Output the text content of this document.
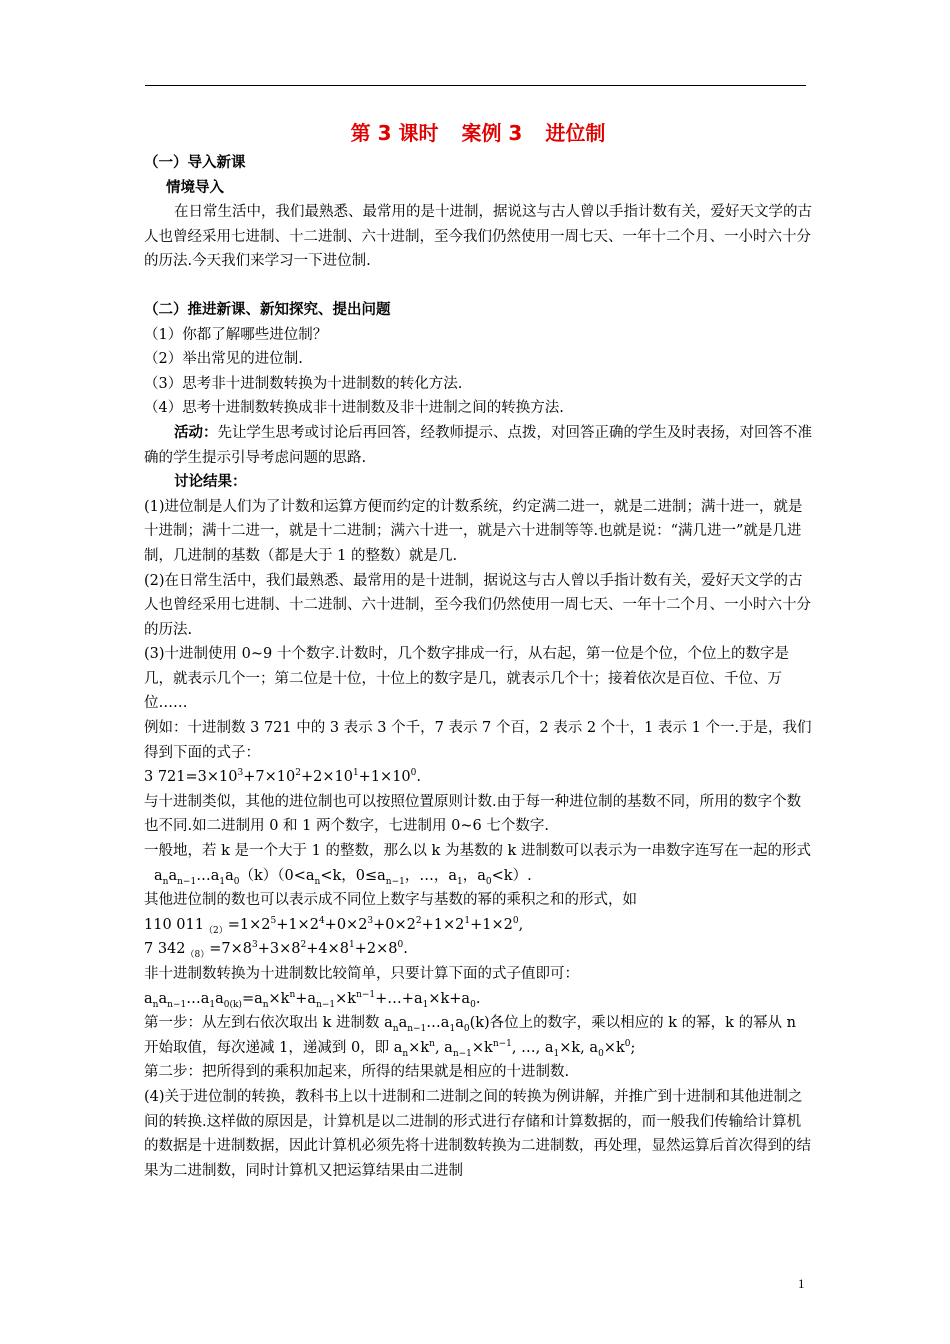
第 3 课时 案例 3 进位制

（一）导入新课

情境导入

在日常生活中，我们最熟悉、最常用的是十进制，据说这与古人曾以手指计数有关，爱好天文学的古人也曾经采用七进制、十二进制、六十进制，至今我们仍然使用一周七天、一年十二个月、一小时六十分的历法.今天我们来学习一下进位制.

（二）推进新课、新知探究、提出问题

（1）你都了解哪些进位制？

（2）举出常见的进位制.

（3）思考非十进制数转换为十进制数的转化方法.

（4）思考十进制数转换成非十进制数及非十进制之间的转换方法.

活动：先让学生思考或讨论后再回答，经教师提示、点拨，对回答正确的学生及时表扬，对回答不准确的学生提示引导考虑问题的思路.

讨论结果：

(1)进位制是人们为了计数和运算方便而约定的计数系统，约定满二进一，就是二进制；满十进一，就是十进制；满十二进一，就是十二进制；满六十进一，就是六十进制等等.也就是说：“满几进一”就是几进制，几进制的基数（都是大于 1 的整数）就是几.

(2)在日常生活中，我们最熟悉、最常用的是十进制，据说这与古人曾以手指计数有关，爱好天文学的古人也曾经采用七进制、十二进制、六十进制，至今我们仍然使用一周七天、一年十二个月、一小时六十分的历法.

(3)十进制使用 0~9 十个数字.计数时，几个数字排成一行，从右起，第一位是个位，个位上的数字是几，就表示几个一；第二位是十位，十位上的数字是几，就表示几个十；接着依次是百位、千位、万位……

例如：十进制数 3 721 中的 3 表示 3 个千，7 表示 7 个百，2 表示 2 个十，1 表示 1 个一.于是，我们得到下面的式子：

3 $721=3\times 10^3+7\times 10^2+2\times 10^1+1\times 10^0$.

与十进制类似，其他的进位制也可以按照位置原则计数.由于每一种进位制的基数不同，所用的数字个数也不同.如二进制用 0 和 1 两个数字，七进制用 0~6 七个数字.

一般地，若 k 是一个大于 1 的整数，那么以 k 为基数的 k 进制数可以表示为一串数字连写在一起的形式

$a_na_{n-1}\dots a_1a_0(k)(0<a_n<k$，$0\le a_{n-1}$，…，$a_1$，$a_0<k$）.

其他进位制的数也可以表示成不同位上数字与基数的幂的乘积之和的形式，如

110 $011_{(2)}=1\times 2^5+1\times 2^4+0\times 2^3+0\times 2^2+1\times 2^1+1\times 2^0$,

7 $342_{(8)}=7\times 8^3+3\times 8^2+4\times 8^1+2\times 8^0$.

非十进制数转换为十进制数比较简单，只要计算下面的式子值即可：

$a_na_{n-1}\dots a_1a_{0(k)}=a_n\times k^n+a_{n-1}\times k^{n-1}+\dots+a_1\times k+a_0$.

第一步：从左到右依次取出 k 进制数 $a_na_{n-1}\dots a_1a_0(k)$各位上的数字，乘以相应的 k 的幂，k 的幂从 n 开始取值，每次递减 1，递减到 0，即 $a_n\times k^n$, $a_{n-1}\times k^{n-1}$, …, $a_1\times k$, $a_0\times k^0$;

第二步：把所得到的乘积加起来，所得的结果就是相应的十进制数.

(4)关于进位制的转换，教科书上以十进制和二进制之间的转换为例讲解，并推广到十进制和其他进制之间的转换.这样做的原因是，计算机是以二进制的形式进行存储和计算数据的，而一般我们传输给计算机的数据是十进制数据，因此计算机必须先将十进制数转换为二进制数，再处理，显然运算后首次得到的结果为二进制数，同时计算机又把运算结果由二进制

1
